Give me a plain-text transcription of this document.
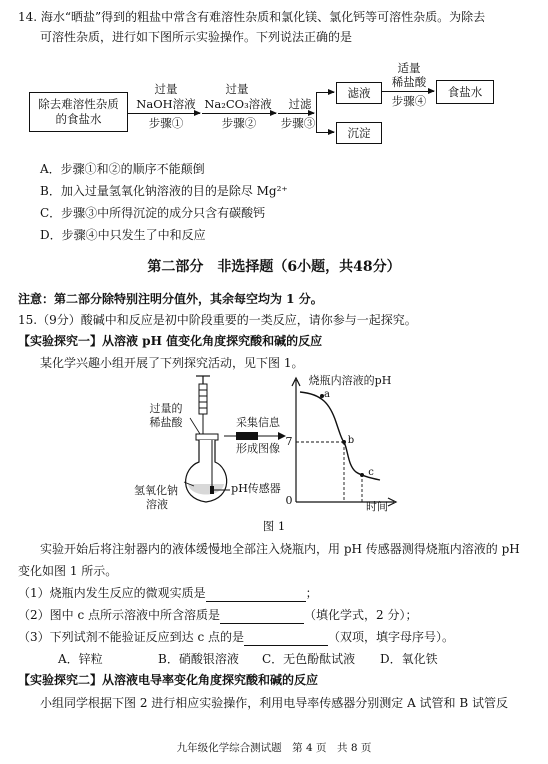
14. 海水“晒盐”得到的粗盐中常含有难溶性杂质和氯化镁、氯化钙等可溶性杂质。为除去
可溶性杂质，进行如下图所示实验操作。下列说法正确的是
除去难溶性杂质的食盐水
过量
NaOH溶液
步骤①
过量
Na₂CO₃溶液
步骤②
过滤
步骤③
滤液
沉淀
适量
稀盐酸
步骤④
食盐水
A．步骤①和②的顺序不能颠倒
B．加入过量氢氧化钠溶液的目的是除尽 Mg²⁺
C．步骤③中所得沉淀的成分只含有碳酸钙
D．步骤④中只发生了中和反应
第二部分　非选择题（6小题，共48分）
注意：第二部分除特别注明分值外，其余每空均为 1 分。
15.（9分）酸碱中和反应是初中阶段重要的一类反应，请你参与一起探究。
【实验探究一】从溶液 pH 值变化角度探究酸和碱的反应
某化学兴趣小组开展了下列探究活动，见下图 1。
过量的
稀盐酸	采集信息
形成图像
氢氧化钠
溶液
pH传感器
烧瓶内溶液的pH
7
0	时间
a
b
c
图 1
实验开始后将注射器内的液体缓慢地全部注入烧瓶内，用 pH 传感器测得烧瓶内溶液的 pH
变化如图 1 所示。
（1）烧瓶内发生反应的微观实质是	；
（2）图中 c 点所示溶液中所含溶质是	（填化学式，2 分）；
（3）下列试剂不能验证反应到达 c 点的是	（双项，填字母序号）。
A．锌粒	B．硝酸银溶液 C．无色酚酞试液 D．氧化铁
【实验探究二】从溶液电导率变化角度探究酸和碱的反应
小组同学根据下图 2 进行相应实验操作，利用电导率传感器分别测定 A 试管和 B 试管反
九年级化学综合测试题　第 4 页　共 8 页
